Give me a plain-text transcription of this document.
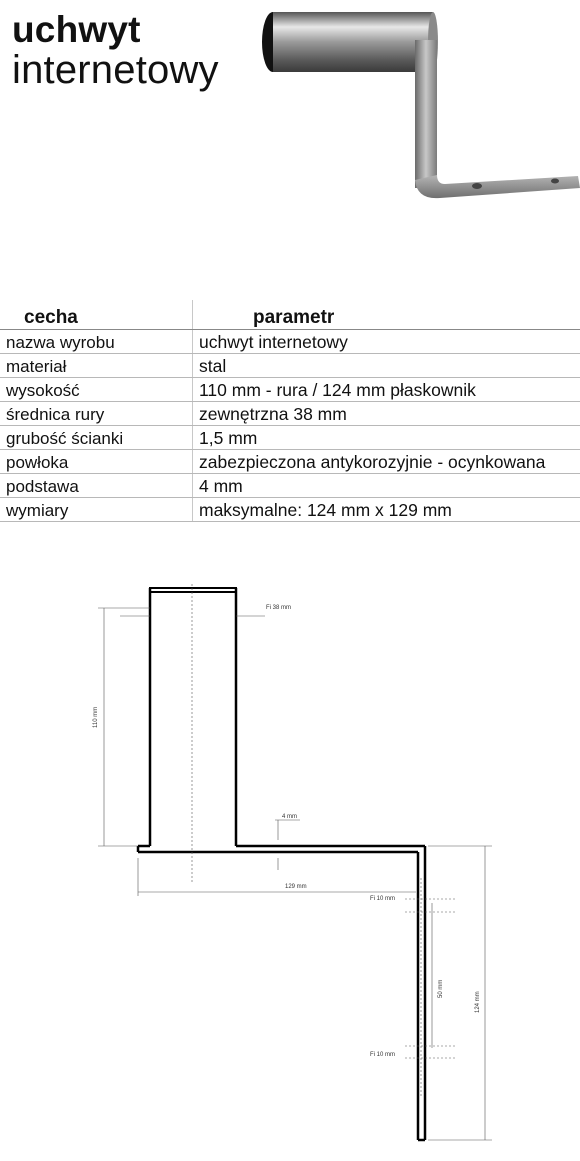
uchwyt
internetowy
cecha	parametr
nazwa wyrobu	uchwyt internetowy
materiał	stal
wysokość	110 mm - rura / 124 mm płaskownik
średnica rury	zewnętrzna 38 mm
grubość ścianki	1,5 mm
powłoka	zabezpieczona antykorozyjnie - ocynkowana
podstawa	4 mm
wymiary	maksymalne: 124 mm x 129 mm
Fi 38 mm
110 mm
4 mm
129 mm
Fi 10 mm
50 mm
124 mm
Fi 10 mm
